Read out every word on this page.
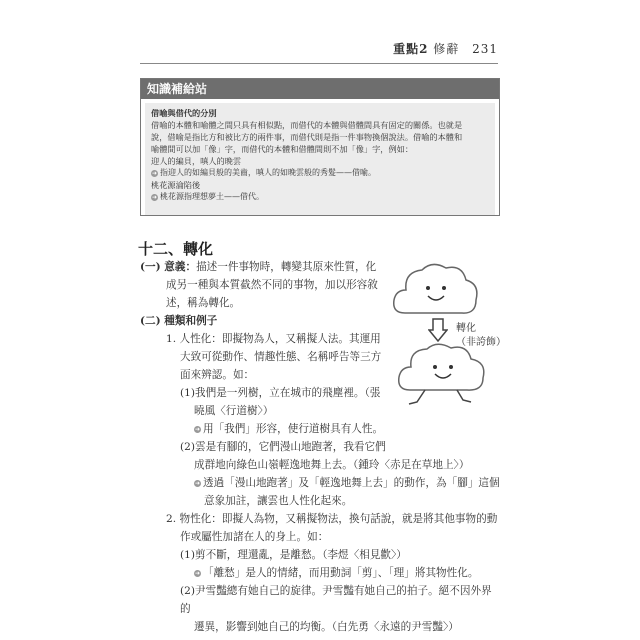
重點2 修辭 231
知識補給站
借喻與借代的分別
借喻的本體和喻體之間只具有相似點，而借代的本體與借體間具有固定的關係。也就是
說，借喻是指比方和被比方的兩件事，而借代則是指一件事物換個說法。借喻的本體和
喻體間可以加「像」字，而借代的本體和借體間則不加「像」字，例如：
迎人的編貝，嗔人的晚雲
➜ 指迎人的如編貝般的美齒，嗔人的如晚雲般的秀髮——借喻。
桃花源淪陷後
➜ 桃花源指理想夢土——借代。
十二、轉化
(一) 意義：描述一件事物時，轉變其原來性質，化
成另一種與本質截然不同的事物，加以形容敘
述，稱為轉化。
(二) 種類和例子
1. 人性化：即擬物為人，又稱擬人法。其運用
大致可從動作、情趣性態、名稱呼告等三方
面來辨認。如：
(1)我們是一列樹，立在城市的飛塵裡。（張
曉風〈行道樹〉）
➜ 用「我們」形容，使行道樹具有人性。
(2)雲是有腳的，它們漫山地跑著，我看它們
成群地向綠色山嶺輕逸地舞上去。（鍾玲〈赤足在草地上〉）
➜ 透過「漫山地跑著」及「輕逸地舞上去」的動作，為「腳」這個
意象加註，讓雲也人性化起來。
2. 物性化：即擬人為物，又稱擬物法，換句話說，就是將其他事物的動
作或屬性加諸在人的身上。如：
(1)剪不斷，理還亂，是離愁。（李煜〈相見歡〉）
➜ 「離愁」是人的情緒，而用動詞「剪」、「理」將其物性化。
(2)尹雪豔總有她自己的旋律。尹雪豔有她自己的拍子。絕不因外界的
遷異，影響到她自己的均衡。（白先勇〈永遠的尹雪豔〉）
轉化
（非誇飾）
